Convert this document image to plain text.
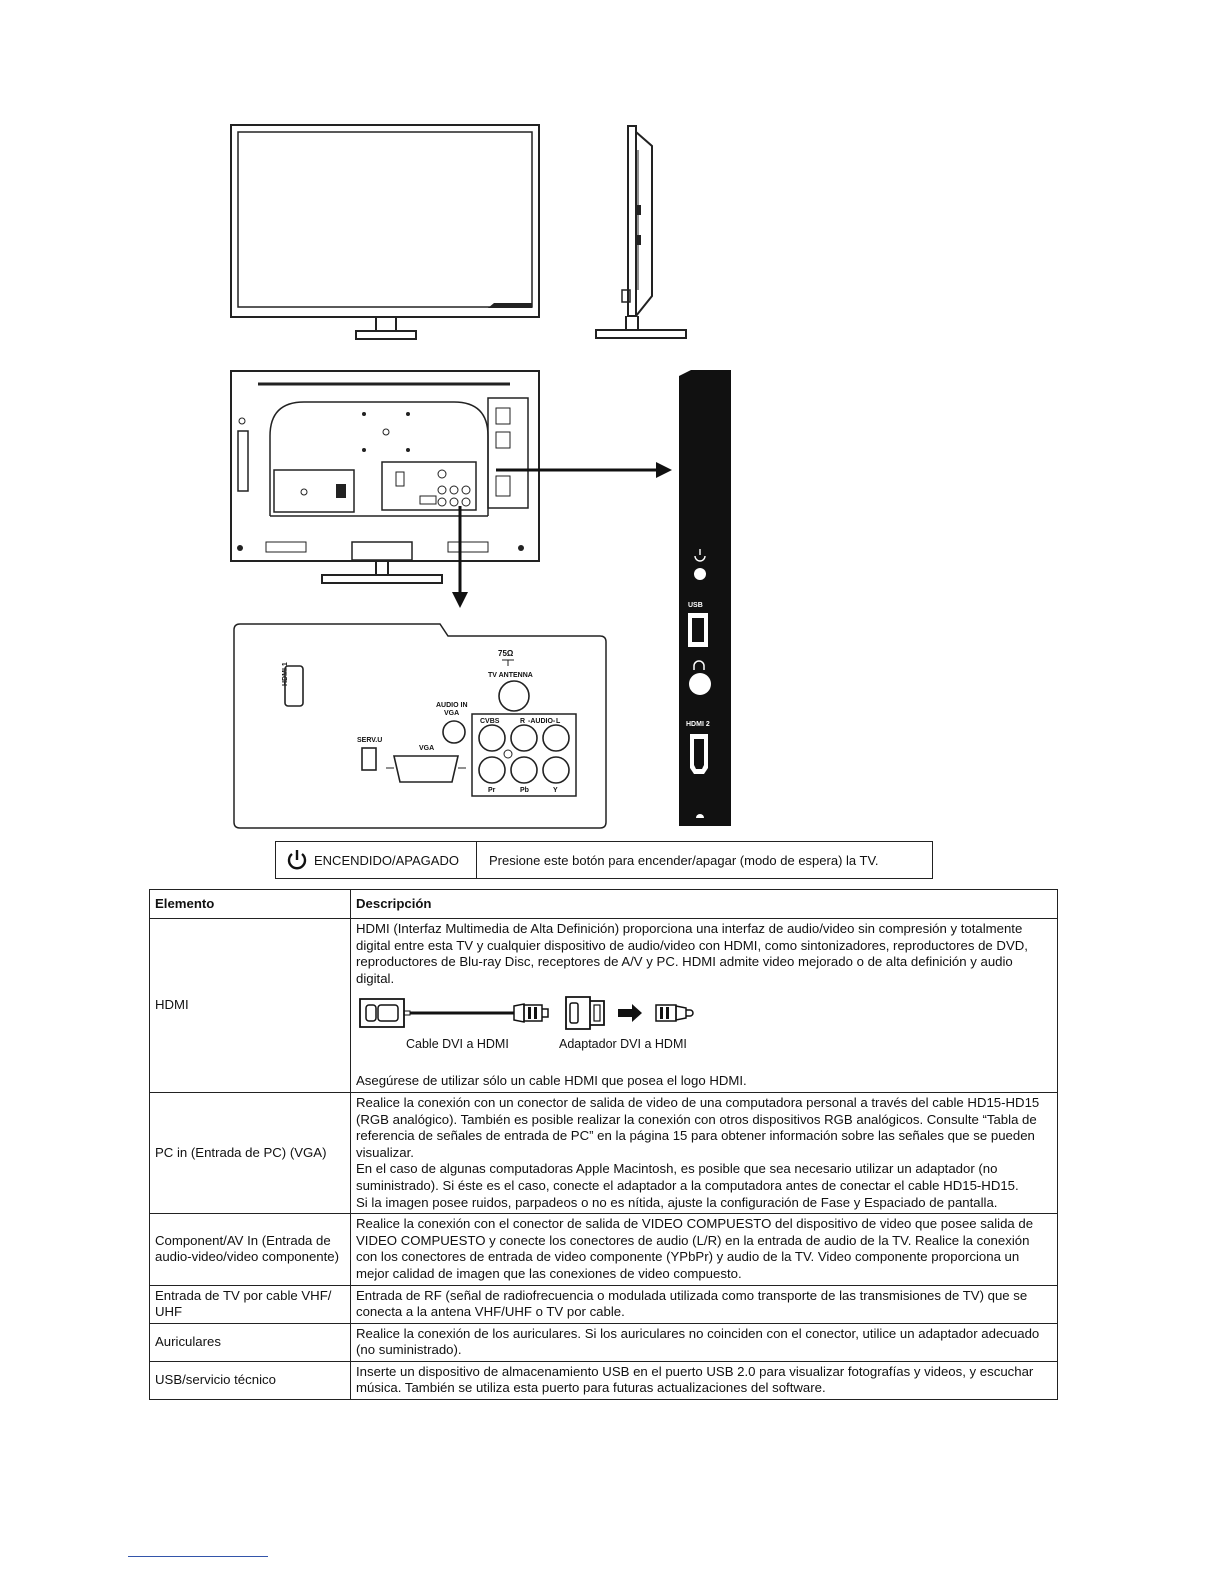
USB
HDMI 2
75Ω
TV ANTENNA
HDMI 1
AUDIO IN
VGA
CVBS	R -AUDIO- L
Pr	Pb	Y
SERV.U
VGA
ENCENDIDO/APAGADO	Presione este botón para encender/apagar (modo de espera) la TV.
Elemento	Descripción
HDMI	HDMI (Interfaz Multimedia de Alta Definición) proporciona una interfaz de audio/video sin compresión y totalmente digital entre esta TV y cualquier dispositivo de audio/video con HDMI, como sintonizadores, reproductores de DVD, reproductores de Blu-ray Disc, receptores de A/V y PC. HDMI admite video mejorado o de alta definición y audio digital.

Cable DVI a HDMI Adaptador DVI a HDMI

Asegúrese de utilizar sólo un cable HDMI que posea el logo HDMI.

PC in (Entrada de PC) (VGA)	Realice la conexión con un conector de salida de video de una computadora personal a través del cable HD15-HD15 (RGB analógico). También es posible realizar la conexión con otros dispositivos RGB analógicos. Consulte “Tabla de referencia de señales de entrada de PC” en la página 15 para obtener información sobre las señales que se pueden visualizar.

En el caso de algunas computadoras Apple Macintosh, es posible que sea necesario utilizar un adaptador (no suministrado). Si éste es el caso, conecte el adaptador a la computadora antes de conectar el cable HD15-HD15.

Si la imagen posee ruidos, parpadeos o no es nítida, ajuste la configuración de Fase y Espaciado de pantalla.

Component/AV In (Entrada de audio-video/video componente)	Realice la conexión con el conector de salida de VIDEO COMPUESTO del dispositivo de video que posee salida de VIDEO COMPUESTO y conecte los conectores de audio (L/R) en la entrada de audio de la TV. Realice la conexión con los conectores de entrada de video componente (YPbPr) y audio de la TV. Video componente proporciona un mejor calidad de imagen que las conexiones de video compuesto.
Entrada de TV por cable VHF/ UHF	Entrada de RF (señal de radiofrecuencia o modulada utilizada como transporte de las transmisiones de TV) que se conecta a la antena VHF/UHF o TV por cable.
Auriculares	Realice la conexión de los auriculares. Si los auriculares no coinciden con el conector, utilice un adaptador adecuado (no suministrado).
USB/servicio técnico	Inserte un dispositivo de almacenamiento USB en el puerto USB 2.0 para visualizar fotografías y videos, y escuchar música. También se utiliza esta puerto para futuras actualizaciones del software.
